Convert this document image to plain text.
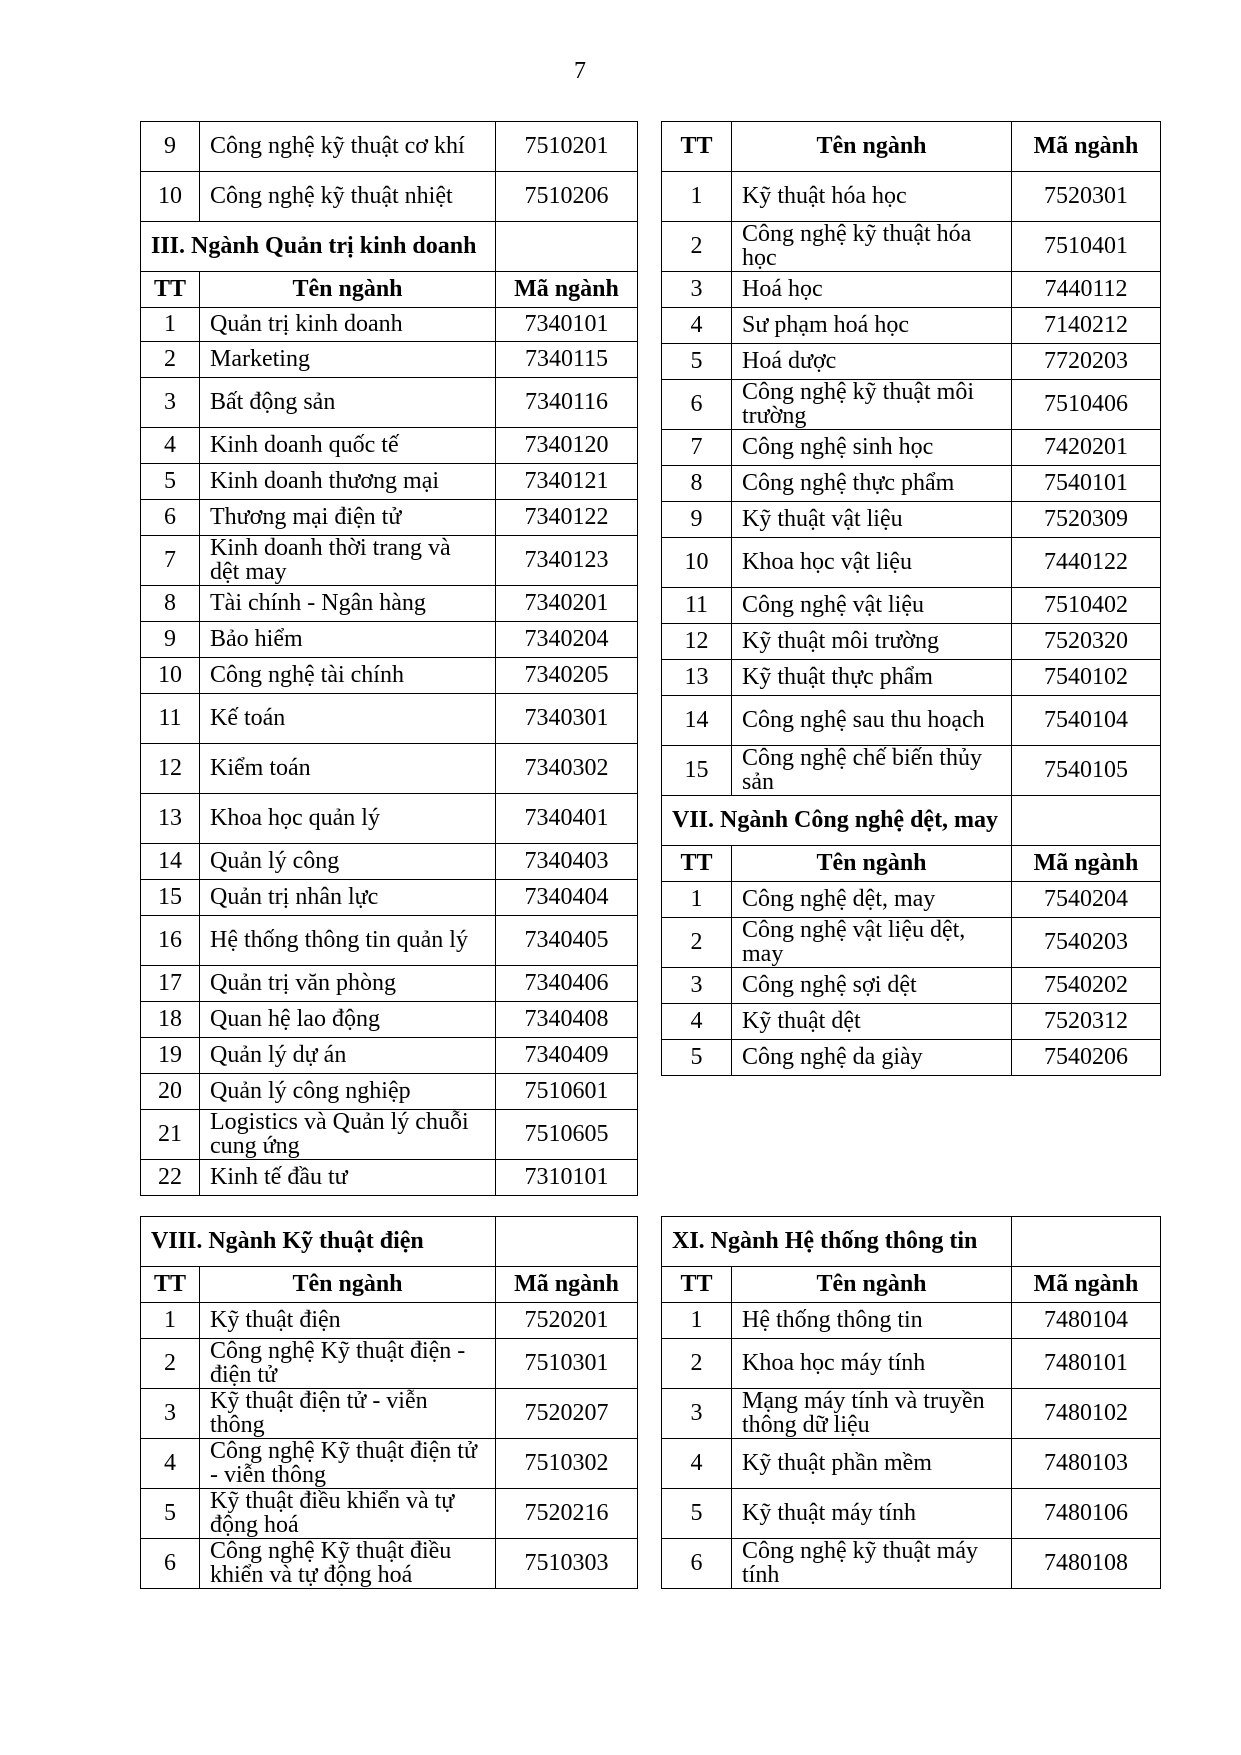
7
9	Công nghệ kỹ thuật cơ khí	7510201
10	Công nghệ kỹ thuật nhiệt	7510206
III. Ngành Quản trị kinh doanh		
TT	Tên ngành	Mã ngành
1	Quản trị kinh doanh	7340101
2	Marketing	7340115
3	Bất động sản	7340116
4	Kinh doanh quốc tế	7340120
5	Kinh doanh thương mại	7340121
6	Thương mại điện tử	7340122
7	Kinh doanh thời trang và dệt may	7340123
8	Tài chính - Ngân hàng	7340201
9	Bảo hiểm	7340204
10	Công nghệ tài chính	7340205
11	Kế toán	7340301
12	Kiểm toán	7340302
13	Khoa học quản lý	7340401
14	Quản lý công	7340403
15	Quản trị nhân lực	7340404
16	Hệ thống thông tin quản lý	7340405
17	Quản trị văn phòng	7340406
18	Quan hệ lao động	7340408
19	Quản lý dự án	7340409
20	Quản lý công nghiệp	7510601
21	Logistics và Quản lý chuỗi cung ứng	7510605
22	Kinh tế đầu tư	7310101
TT	Tên ngành	Mã ngành
1	Kỹ thuật hóa học	7520301
2	Công nghệ kỹ thuật hóa học	7510401
3	Hoá học	7440112
4	Sư phạm hoá học	7140212
5	Hoá dược	7720203
6	Công nghệ kỹ thuật môi trường	7510406
7	Công nghệ sinh học	7420201
8	Công nghệ thực phẩm	7540101
9	Kỹ thuật vật liệu	7520309
10	Khoa học vật liệu	7440122
11	Công nghệ vật liệu	7510402
12	Kỹ thuật môi trường	7520320
13	Kỹ thuật thực phẩm	7540102
14	Công nghệ sau thu hoạch	7540104
15	Công nghệ chế biến thủy sản	7540105
VII. Ngành Công nghệ dệt, may		
TT	Tên ngành	Mã ngành
1	Công nghệ dệt, may	7540204
2	Công nghệ vật liệu dệt, may	7540203
3	Công nghệ sợi dệt	7540202
4	Kỹ thuật dệt	7520312
5	Công nghệ da giày	7540206
VIII. Ngành Kỹ thuật điện		
TT	Tên ngành	Mã ngành
1	Kỹ thuật điện	7520201
2	Công nghệ Kỹ thuật điện - điện tử	7510301
3	Kỹ thuật điện tử - viễn thông	7520207
4	Công nghệ Kỹ thuật điện tử - viễn thông	7510302
5	Kỹ thuật điều khiển và tự động hoá	7520216
6	Công nghệ Kỹ thuật điều khiển và tự động hoá	7510303
XI. Ngành Hệ thống thông tin		
TT	Tên ngành	Mã ngành
1	Hệ thống thông tin	7480104
2	Khoa học máy tính	7480101
3	Mạng máy tính và truyền thông dữ liệu	7480102
4	Kỹ thuật phần mềm	7480103
5	Kỹ thuật máy tính	7480106
6	Công nghệ kỹ thuật máy tính	7480108
